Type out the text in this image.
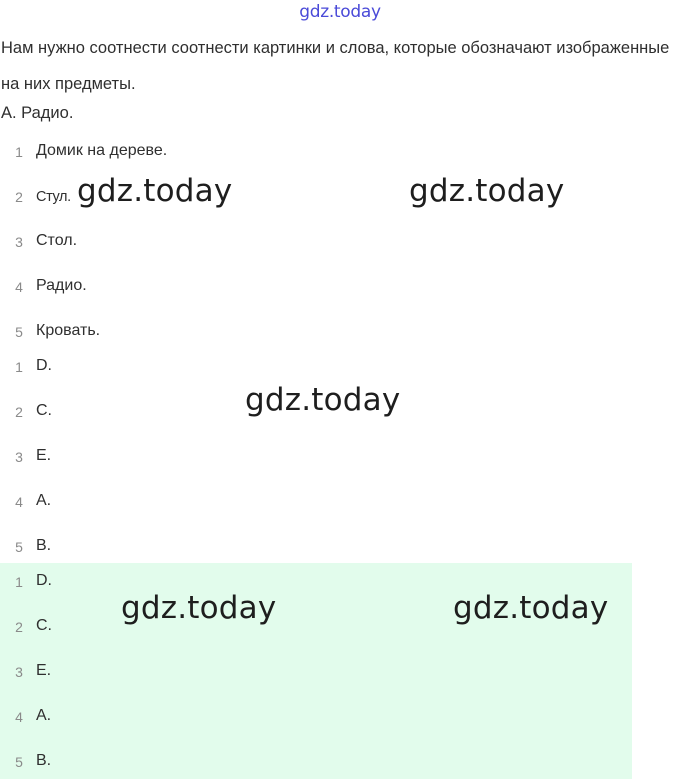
gdz.today
Нам нужно соотнести соотнести картинки и слова, которые обозначают изображенные на них предметы.
A. Радио.
1 Домик на дереве.
2 Стул.
3 Стол.
4 Радио.
5 Кровать.
1 D.
2 C.
3 E.
4 A.
5 B.
1 D.
2 C.
3 E.
4 A.
5 B.
gdz.today	gdz.today
gdz.today
gdz.today	gdz.today
